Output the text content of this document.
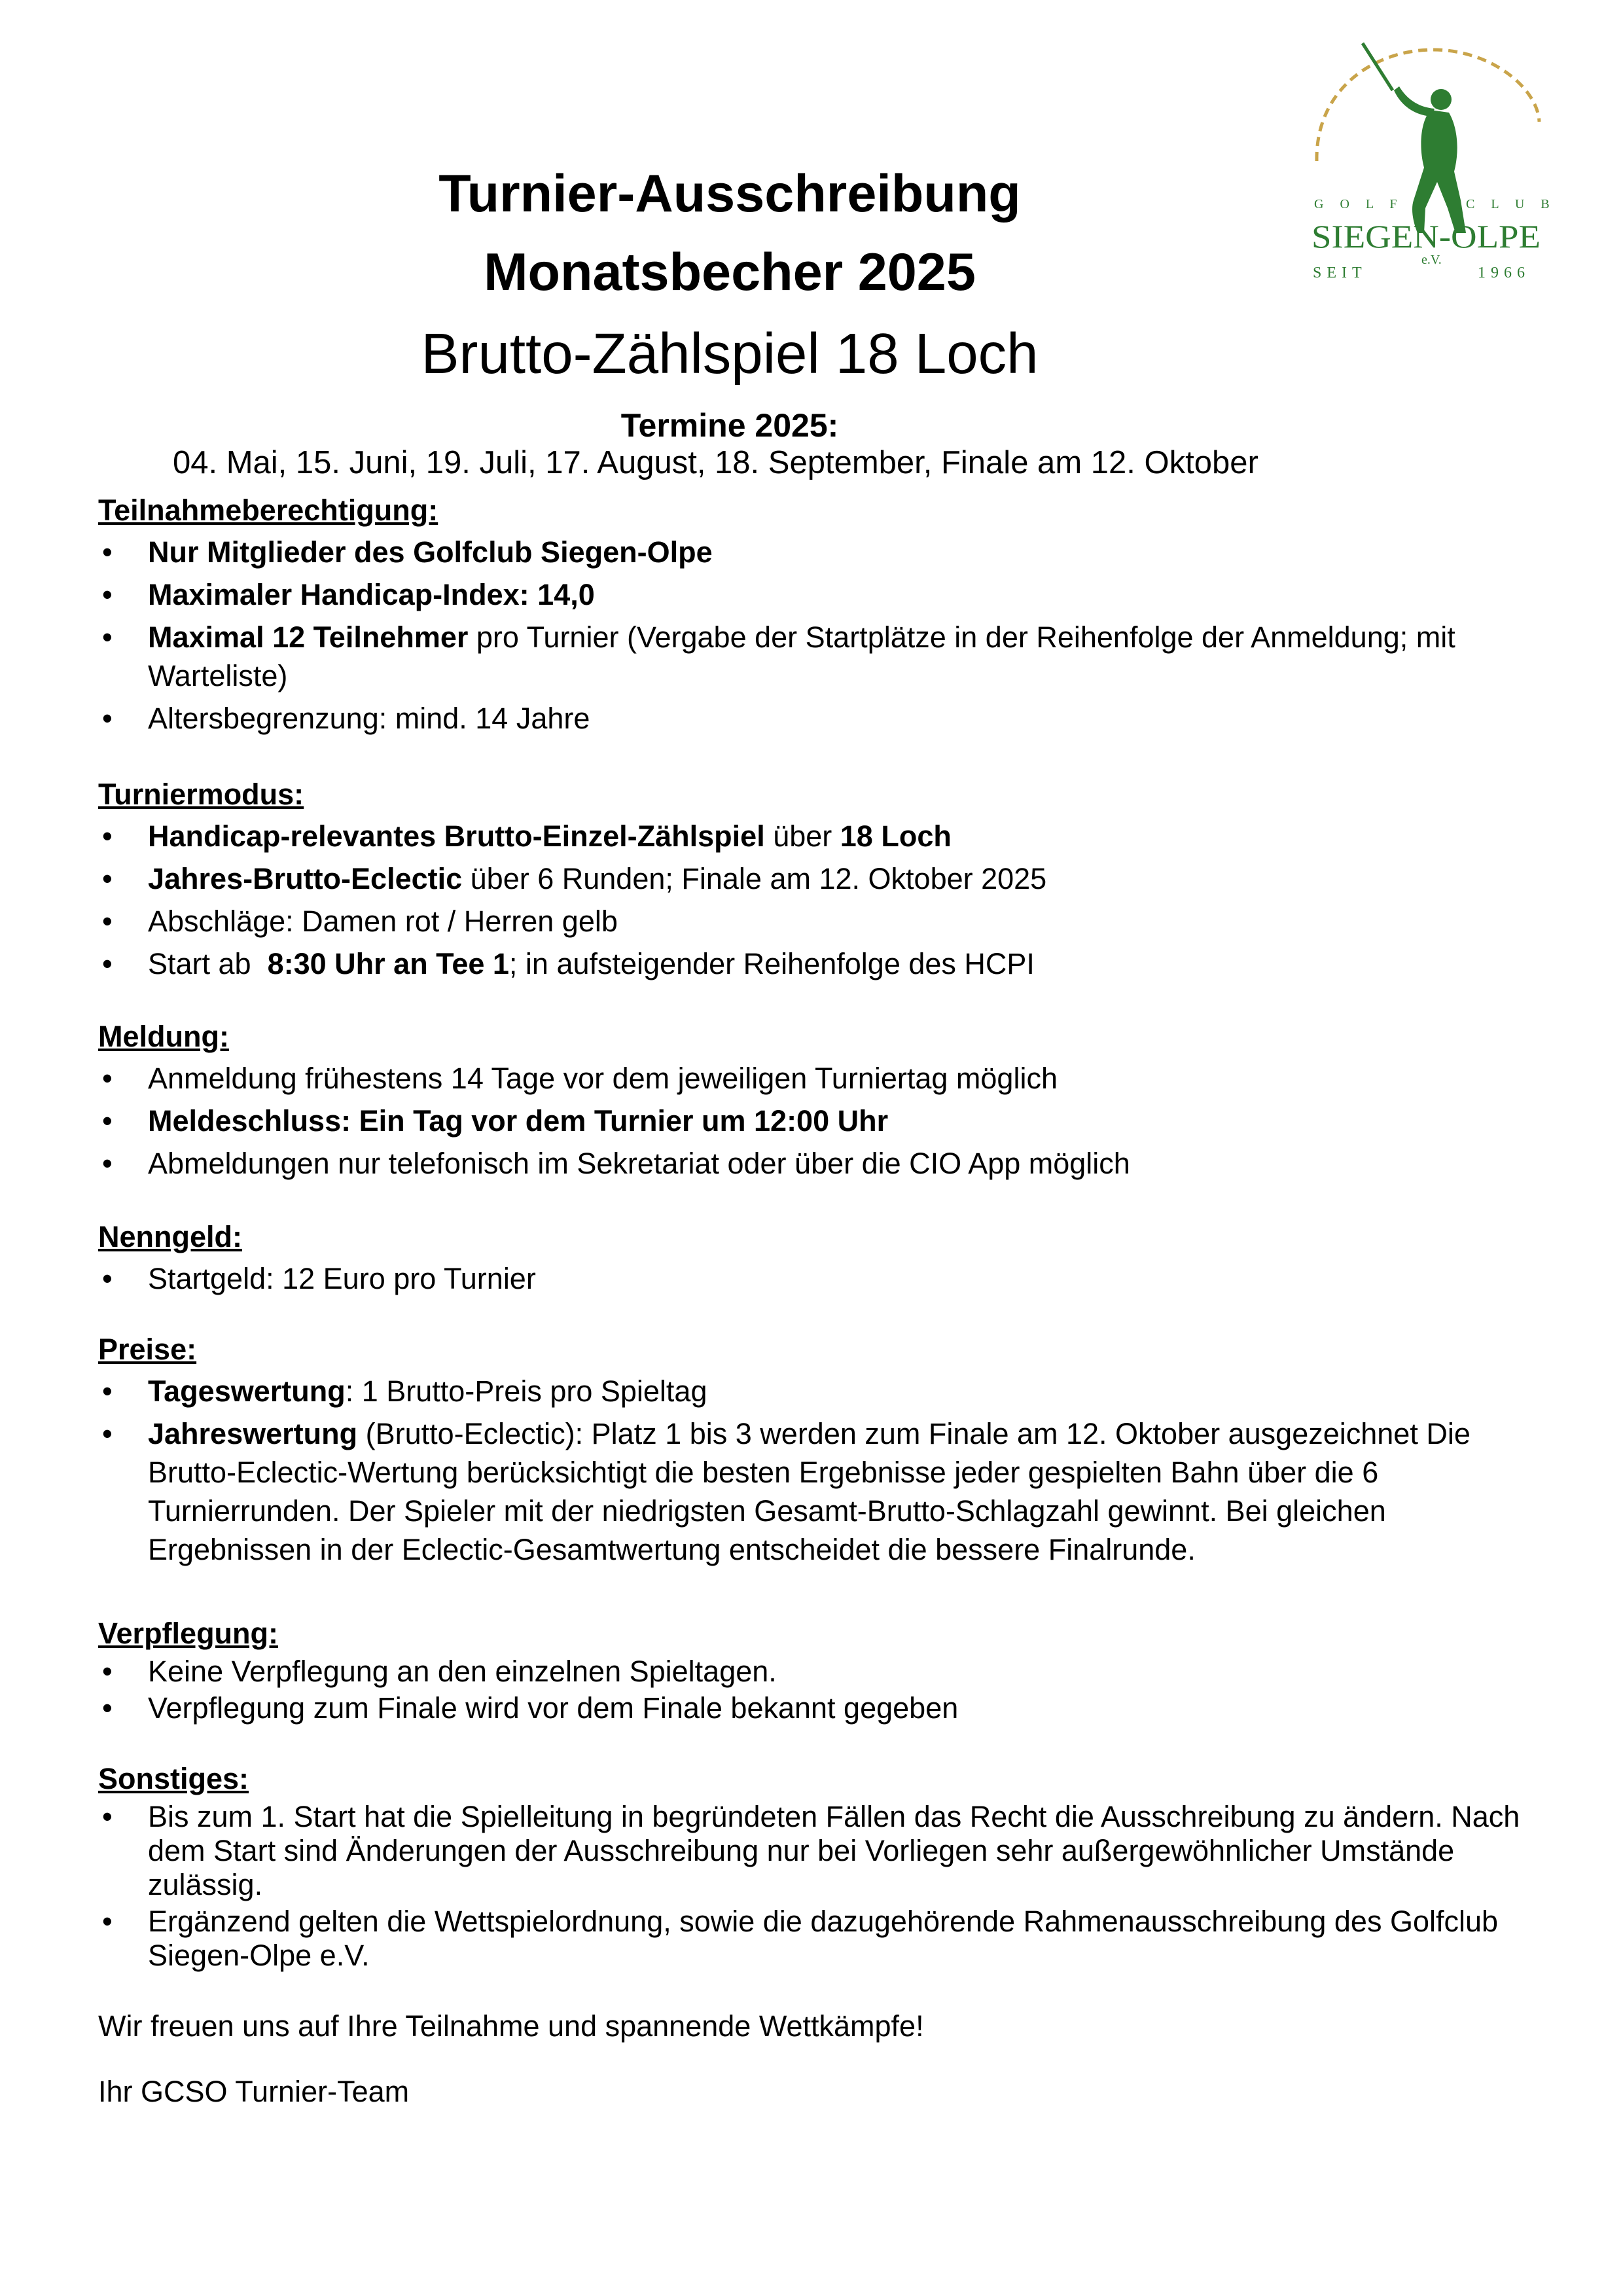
G O L F	C L U B
SIEGEN-OLPE
e.V.
SEIT	1966
Turnier-Ausschreibung
Monatsbecher 2025
Brutto-Zählspiel 18 Loch
Termine 2025:
04. Mai, 15. Juni, 19. Juli, 17. August, 18. September, Finale am 12. Oktober

Teilnahmeberechtigung:

• Nur Mitglieder des Golfclub Siegen-Olpe
• Maximaler Handicap-Index: 14,0
• Maximal 12 Teilnehmer pro Turnier (Vergabe der Startplätze in der Reihenfolge der Anmeldung; mit Warteliste)
• Altersbegrenzung: mind. 14 Jahre

Turniermodus:

• Handicap-relevantes Brutto-Einzel-Zählspiel über 18 Loch
• Jahres-Brutto-Eclectic über 6 Runden; Finale am 12. Oktober 2025
• Abschläge: Damen rot / Herren gelb
• Start ab  8:30 Uhr an Tee 1; in aufsteigender Reihenfolge des HCPI

Meldung:

• Anmeldung frühestens 14 Tage vor dem jeweiligen Turniertag möglich
• Meldeschluss: Ein Tag vor dem Turnier um 12:00 Uhr
• Abmeldungen nur telefonisch im Sekretariat oder über die CIO App möglich

Nenngeld:

• Startgeld: 12 Euro pro Turnier

Preise:

• Tageswertung: 1 Brutto-Preis pro Spieltag
• Jahreswertung (Brutto-Eclectic): Platz 1 bis 3 werden zum Finale am 12. Oktober ausgezeichnet Die Brutto-Eclectic-Wertung berücksichtigt die besten Ergebnisse jeder gespielten Bahn über die 6 Turnierrunden. Der Spieler mit der niedrigsten Gesamt-Brutto-Schlagzahl gewinnt. Bei gleichen Ergebnissen in der Eclectic-Gesamtwertung entscheidet die bessere Finalrunde.

Verpflegung:

• Keine Verpflegung an den einzelnen Spieltagen.
• Verpflegung zum Finale wird vor dem Finale bekannt gegeben

Sonstiges:

• Bis zum 1. Start hat die Spielleitung in begründeten Fällen das Recht die Ausschreibung zu ändern. Nach dem Start sind Änderungen der Ausschreibung nur bei Vorliegen sehr außergewöhnlicher Umstände zulässig.
• Ergänzend gelten die Wettspielordnung, sowie die dazugehörende Rahmenausschreibung des Golfclub Siegen-Olpe e.V.
Wir freuen uns auf Ihre Teilnahme und spannende Wettkämpfe!
Ihr GCSO Turnier-Team
